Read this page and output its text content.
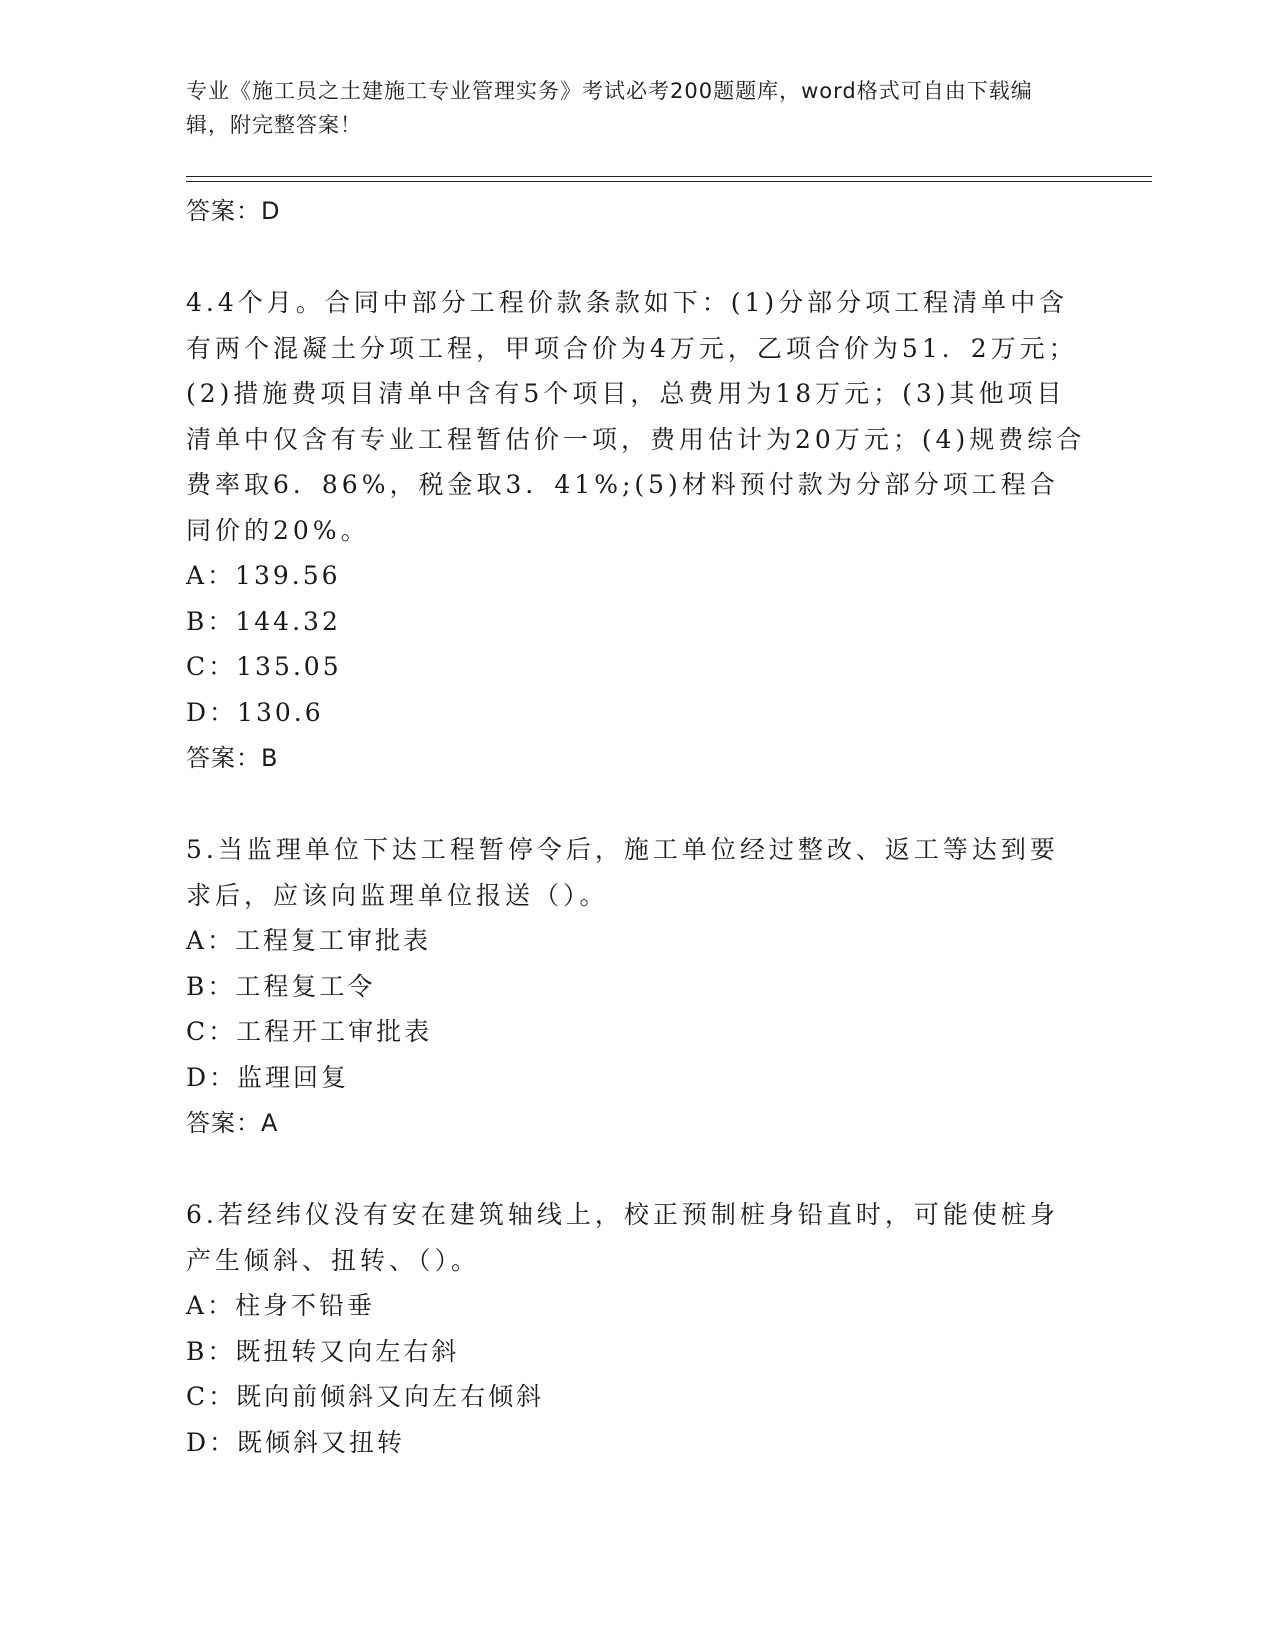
专业《施工员之土建施工专业管理实务》考试必考200题题库，word格式可自由下载编辑，附完整答案！

答案：D

4.4个月。合同中部分工程价款条款如下：(1)分部分项工程清单中含有两个混凝土分项工程，甲项合价为4万元，乙项合价为51．2万元；(2)措施费项目清单中含有5个项目，总费用为18万元；(3)其他项目清单中仅含有专业工程暂估价一项，费用估计为20万元；(4)规费综合费率取6．86%，税金取3．41%;(5)材料预付款为分部分项工程合同价的20%。

A：139.56

B：144.32

C：135.05

D：130.6

答案：B

5.当监理单位下达工程暂停令后，施工单位经过整改、返工等达到要求后，应该向监理单位报送（）。

A：工程复工审批表

B：工程复工令

C：工程开工审批表

D：监理回复

答案：A

6.若经纬仪没有安在建筑轴线上，校正预制桩身铅直时，可能使桩身产生倾斜、扭转、（）。

A：柱身不铅垂

B：既扭转又向左右斜

C：既向前倾斜又向左右倾斜

D：既倾斜又扭转
